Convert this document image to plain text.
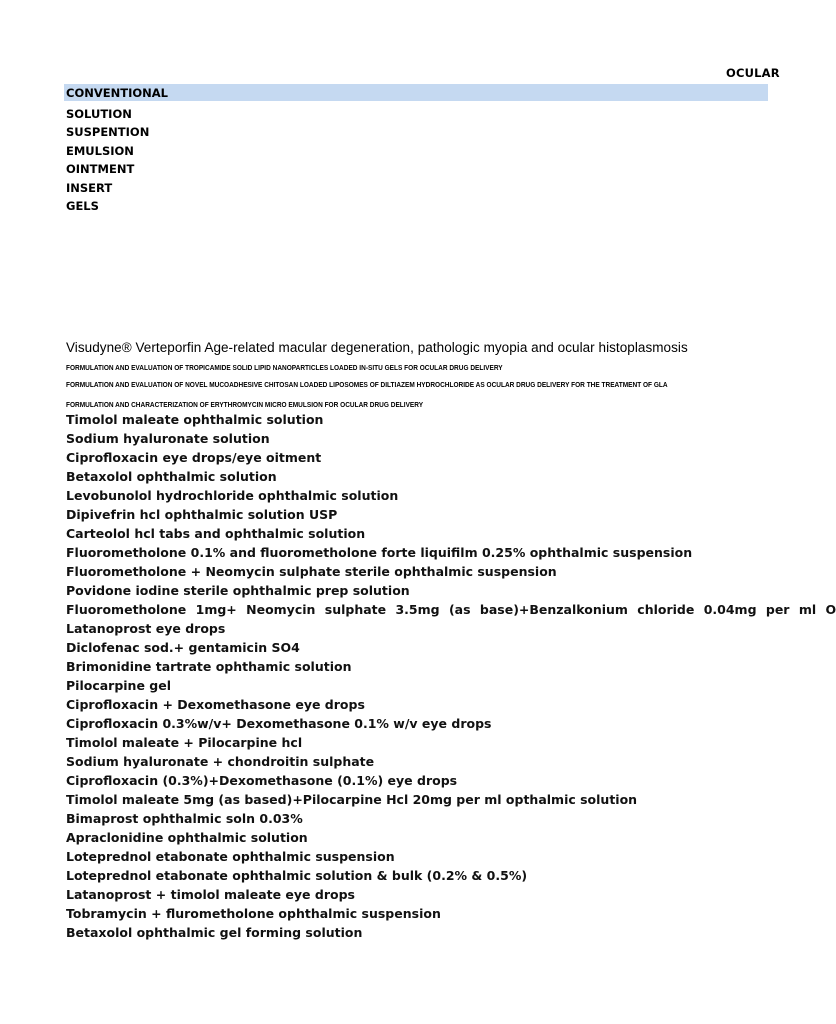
OCULAR
CONVENTIONAL
SOLUTION
SUSPENTION
EMULSION
OINTMENT
INSERT
GELS
Visudyne® Verteporfin Age-related macular degeneration, pathologic myopia and ocular histoplasmosis
FORMULATION AND EVALUATION OF TROPICAMIDE SOLID LIPID NANOPARTICLES LOADED IN-SITU GELS FOR OCULAR DRUG DELIVERY
FORMULATION AND EVALUATION OF NOVEL MUCOADHESIVE CHITOSAN LOADED LIPOSOMES OF DILTIAZEM HYDROCHLORIDE AS OCULAR DRUG DELIVERY FOR THE TREATMENT OF GLA
FORMULATION AND CHARACTERIZATION OF ERYTHROMYCIN MICRO EMULSION FOR OCULAR DRUG DELIVERY
Timolol maleate ophthalmic solution
Sodium hyaluronate solution
Ciprofloxacin eye drops/eye oitment
Betaxolol ophthalmic solution
Levobunolol hydrochloride ophthalmic solution
Dipivefrin hcl ophthalmic solution USP
Carteolol hcl tabs and ophthalmic solution
Fluorometholone 0.1% and fluorometholone forte liquifilm 0.25% ophthalmic suspension
Fluorometholone + Neomycin sulphate sterile ophthalmic suspension
Povidone iodine sterile ophthalmic prep solution
Fluorometholone 1mg+ Neomycin sulphate 3.5mg (as base)+Benzalkonium chloride 0.04mg per ml O
Latanoprost eye drops
Diclofenac sod.+ gentamicin SO4
Brimonidine tartrate ophthamic solution
Pilocarpine gel
Ciprofloxacin + Dexomethasone eye drops
Ciprofloxacin 0.3%w/v+ Dexomethasone 0.1% w/v eye drops
Timolol maleate + Pilocarpine hcl
Sodium hyaluronate + chondroitin sulphate
Ciprofloxacin (0.3%)+Dexomethasone (0.1%) eye drops
Timolol maleate 5mg (as based)+Pilocarpine Hcl 20mg per ml opthalmic solution
Bimaprost ophthalmic soln 0.03%
Apraclonidine ophthalmic solution
Loteprednol etabonate ophthalmic suspension
Loteprednol etabonate ophthalmic solution & bulk (0.2% & 0.5%)
Latanoprost + timolol maleate eye drops
Tobramycin + flurometholone ophthalmic suspension
Betaxolol ophthalmic gel forming solution
